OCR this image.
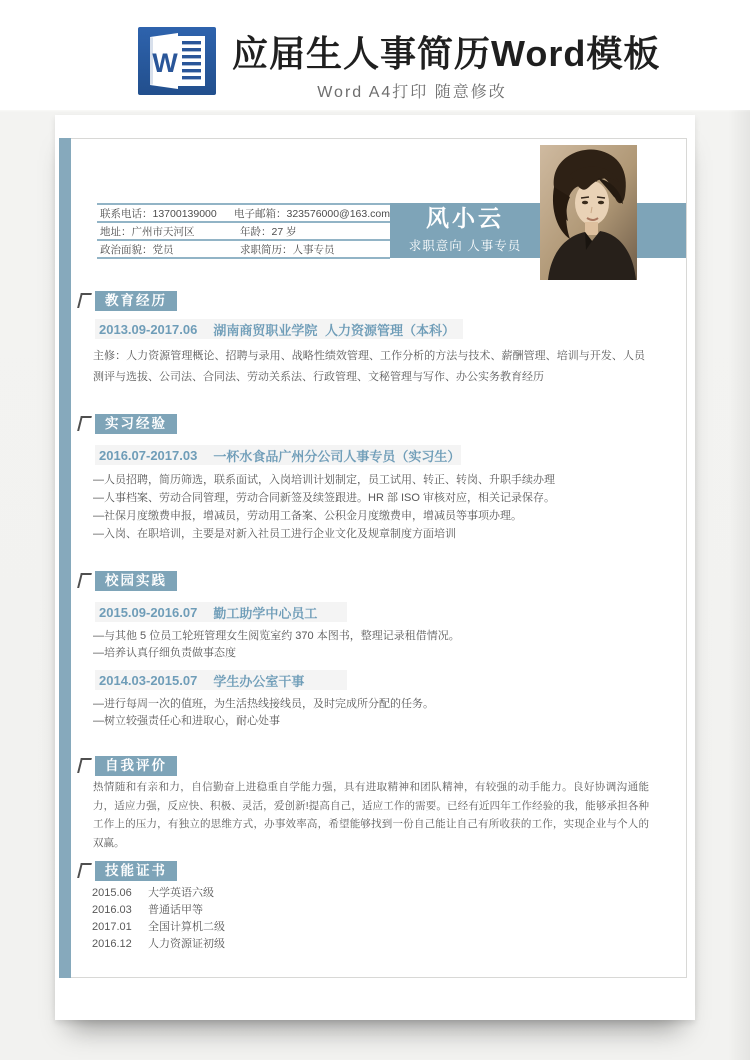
W 应届生人事简历Word模板
Word A4打印 随意修改
联系电话：13700139000	电子邮箱：323576000@163.com
地址：广州市天河区	年龄：27 岁
政治面貌：党员	求职简历：人事专员
风小云
求职意向 人事专员
教育经历
2013.09-2017.06 湖南商贸职业学院 人力资源管理（本科）
主修：人力资源管理概论、招聘与录用、战略性绩效管理、工作分析的方法与技术、薪酬管理、培训与开发、人员测评与选拔、公司法、合同法、劳动关系法、行政管理、文秘管理与写作、办公实务教育经历
实习经验
2016.07-2017.03 一杯水食品广州分公司 人事专员（实习生）
—人员招聘，简历筛选，联系面试，入岗培训计划制定，员工试用、转正、转岗、升职手续办理
—人事档案、劳动合同管理，劳动合同新签及续签跟进。HR 部 ISO 审核对应，相关记录保存。
—社保月度缴费申报，增减员，劳动用工备案、公积金月度缴费申，增减员等事项办理。
—入岗、在职培训，主要是对新入社员工进行企业文化及规章制度方面培训
校园实践
2015.09-2016.07 勤工助学中心员工
—与其他 5 位员工轮班管理女生阅览室约 370 本图书，整理记录租借情况。
—培养认真仔细负责做事态度
2014.03-2015.07 学生办公室干事
—进行每周一次的值班，为生活热线接线员，及时完成所分配的任务。
—树立较强责任心和进取心，耐心处事
自我评价
热情随和有亲和力，自信勤奋上进稳重自学能力强，具有进取精神和团队精神，有较强的动手能力。良好协调沟通能力，适应力强，反应快、积极、灵活，爱创新!提高自己，适应工作的需要。已经有近四年工作经验的我，能够承担各种工作上的压力，有独立的思维方式，办事效率高，希望能够找到一份自己能让自己有所收获的工作，实现企业与个人的双赢。
技能证书
2015.06	大学英语六级
2016.03	普通话甲等
2017.01	全国计算机二级
2016.12	人力资源证初级
